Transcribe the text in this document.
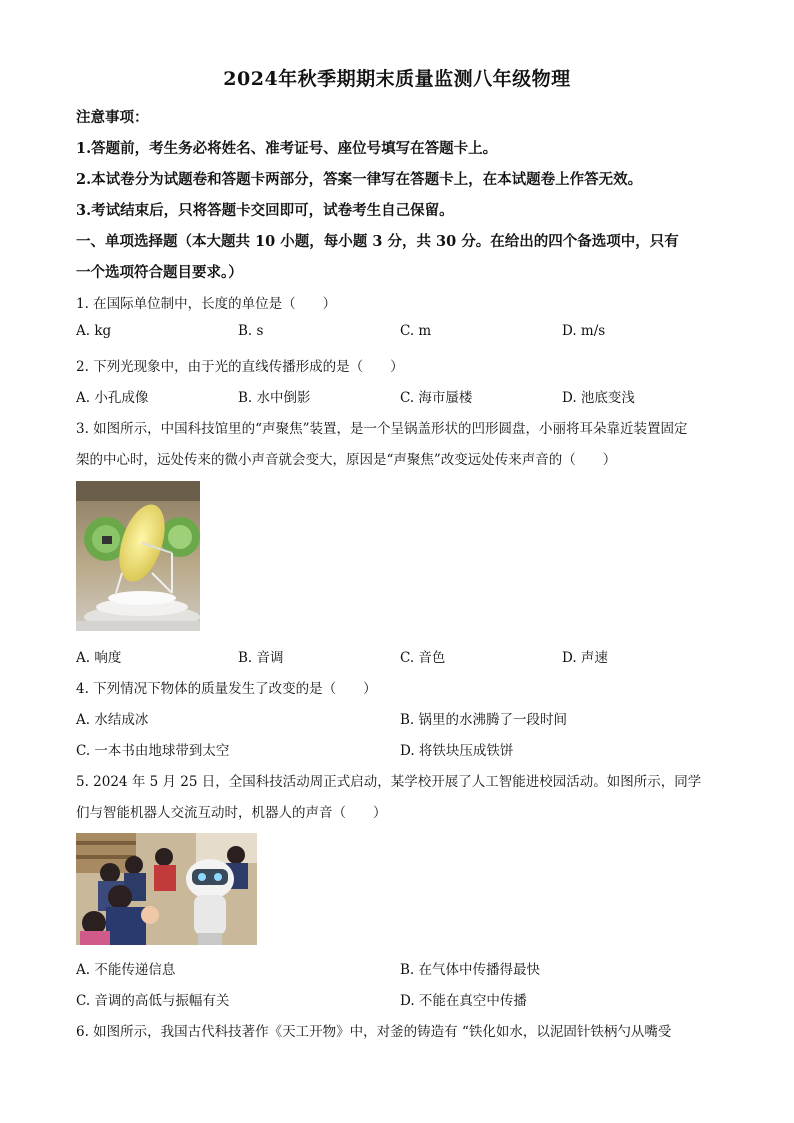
2024年秋季期期末质量监测八年级物理
注意事项：
1.答题前，考生务必将姓名、准考证号、座位号填写在答题卡上。
2.本试卷分为试题卷和答题卡两部分，答案一律写在答题卡上，在本试题卷上作答无效。
3.考试结束后，只将答题卡交回即可，试卷考生自己保留。
一、单项选择题（本大题共 10 小题，每小题 3 分，共 30 分。在给出的四个备选项中，只有
一个选项符合题目要求。）
1. 在国际单位制中，长度的单位是（　　）
A. kg	B. s	C. m	D. m/s
2. 下列光现象中，由于光的直线传播形成的是（　　）
A. 小孔成像	B. 水中倒影	C. 海市蜃楼	D. 池底变浅
3. 如图所示，中国科技馆里的“声聚焦”装置，是一个呈锅盖形状的凹形圆盘，小丽将耳朵靠近装置固定
架的中心时，远处传来的微小声音就会变大，原因是“声聚焦”改变远处传来声音的（　　）
A. 响度	B. 音调	C. 音色	D. 声速
4. 下列情况下物体的质量发生了改变的是（　　）
A. 水结成冰	B. 锅里的水沸腾了一段时间
C. 一本书由地球带到太空	D. 将铁块压成铁饼
5. 2024 年 5 月 25 日，全国科技活动周正式启动，某学校开展了人工智能进校园活动。如图所示，同学
们与智能机器人交流互动时，机器人的声音（　　）
A. 不能传递信息	B. 在气体中传播得最快
C. 音调的高低与振幅有关	D. 不能在真空中传播
6. 如图所示，我国古代科技著作《天工开物》中，对釜的铸造有 “铁化如水，以泥固针铁柄勺从嘴受
